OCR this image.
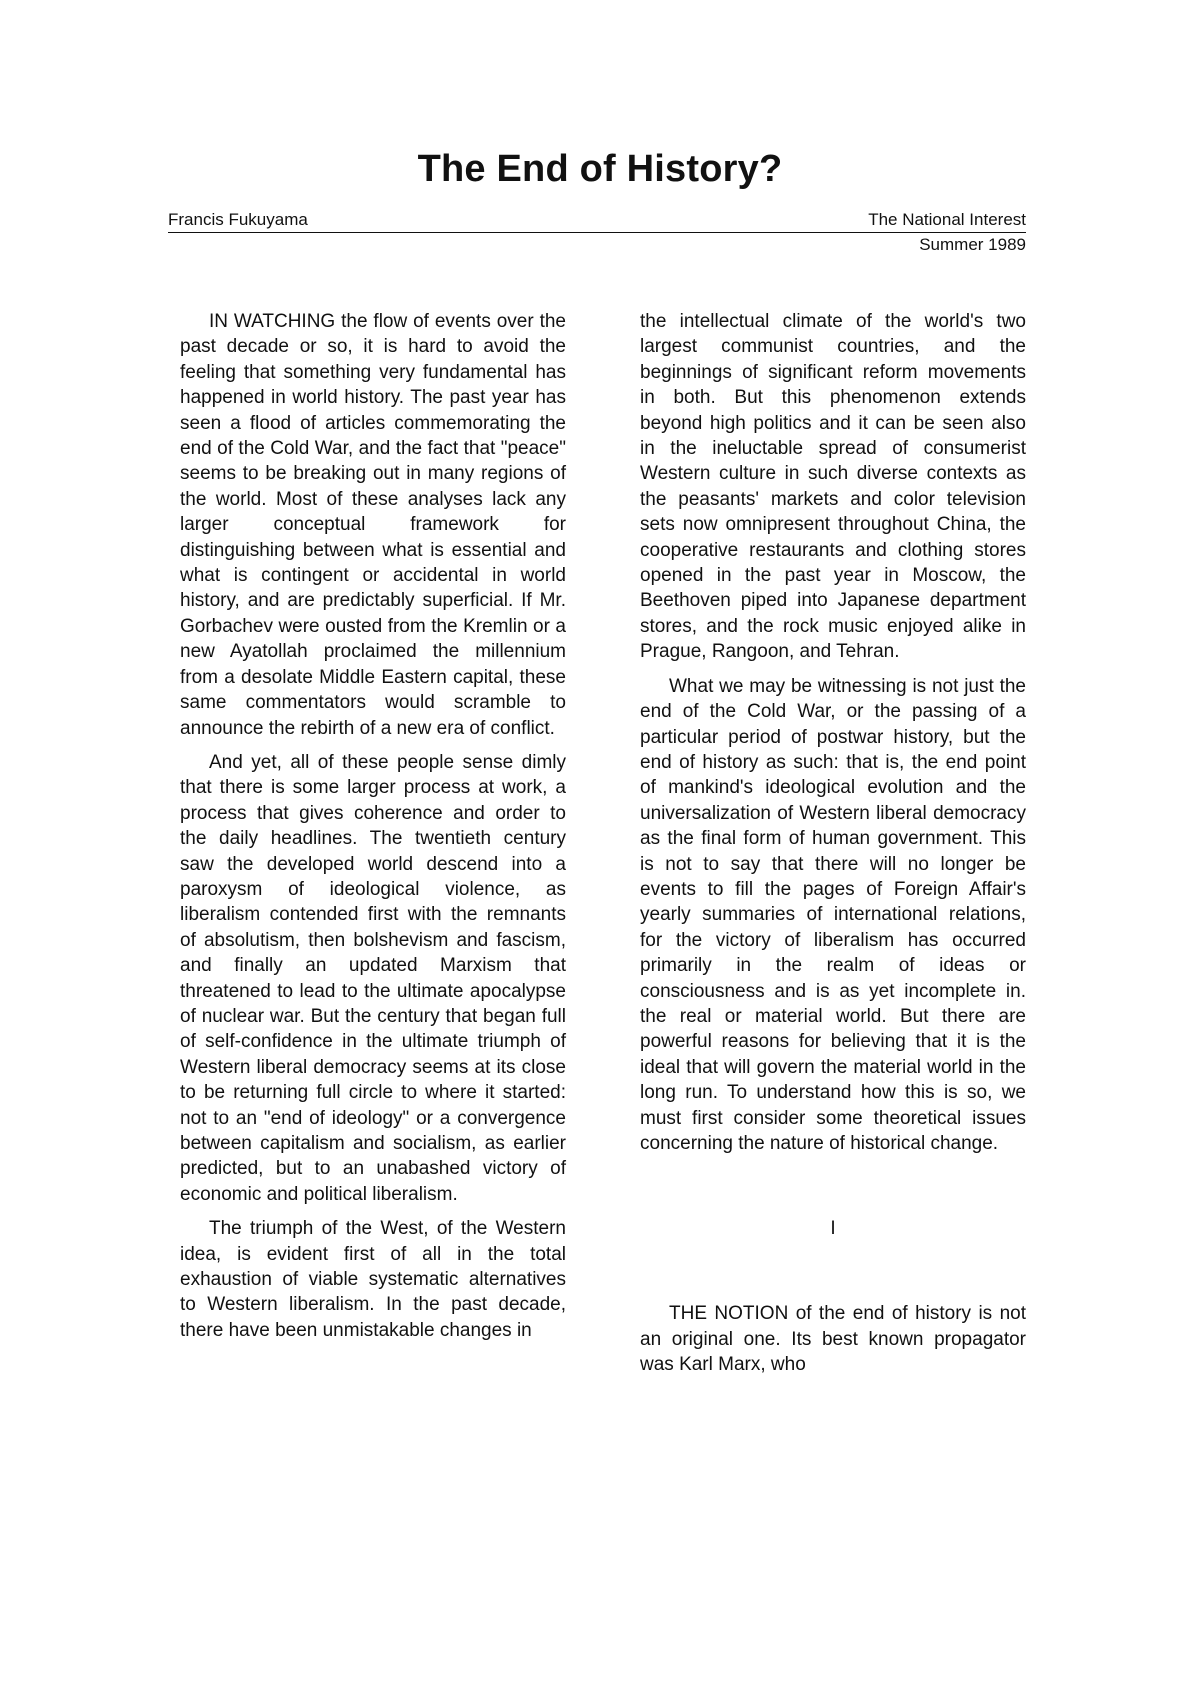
The End of History?
Francis Fukuyama	The National Interest
Summer 1989

IN WATCHING the flow of events over the past decade or so, it is hard to avoid the feeling that something very fundamental has happened in world history. The past year has seen a flood of articles commemorating the end of the Cold War, and the fact that "peace" seems to be breaking out in many regions of the world. Most of these analyses lack any larger conceptual framework for distinguishing between what is essential and what is contingent or accidental in world history, and are predictably superficial. If Mr. Gorbachev were ousted from the Kremlin or a new Ayatollah proclaimed the millennium from a desolate Middle Eastern capital, these same commentators would scramble to announce the rebirth of a new era of conflict.

And yet, all of these people sense dimly that there is some larger process at work, a process that gives coherence and order to the daily headlines. The twentieth century saw the developed world descend into a paroxysm of ideological violence, as liberalism contended first with the remnants of absolutism, then bolshevism and fascism, and finally an updated Marxism that threatened to lead to the ultimate apocalypse of nuclear war. But the century that began full of self-confidence in the ultimate triumph of Western liberal democracy seems at its close to be returning full circle to where it started: not to an "end of ideology" or a convergence between capitalism and socialism, as earlier predicted, but to an unabashed victory of economic and political liberalism.

The triumph of the West, of the Western idea, is evident first of all in the total exhaustion of viable systematic alternatives to Western liberalism. In the past decade, there have been unmistakable changes in

the intellectual climate of the world's two largest communist countries, and the beginnings of significant reform movements in both. But this phenomenon extends beyond high politics and it can be seen also in the ineluctable spread of consumerist Western culture in such diverse contexts as the peasants' markets and color television sets now omnipresent throughout China, the cooperative restaurants and clothing stores opened in the past year in Moscow, the Beethoven piped into Japanese department stores, and the rock music enjoyed alike in Prague, Rangoon, and Tehran.

What we may be witnessing is not just the end of the Cold War, or the passing of a particular period of postwar history, but the end of history as such: that is, the end point of mankind's ideological evolution and the universalization of Western liberal democracy as the final form of human government. This is not to say that there will no longer be events to fill the pages of Foreign Affair's yearly summaries of international relations, for the victory of liberalism has occurred primarily in the realm of ideas or consciousness and is as yet incomplete in. the real or material world. But there are powerful reasons for believing that it is the ideal that will govern the material world in the long run. To understand how this is so, we must first consider some theoretical issues concerning the nature of historical change.

I

THE NOTION of the end of history is not an original one. Its best known propagator was Karl Marx, who
